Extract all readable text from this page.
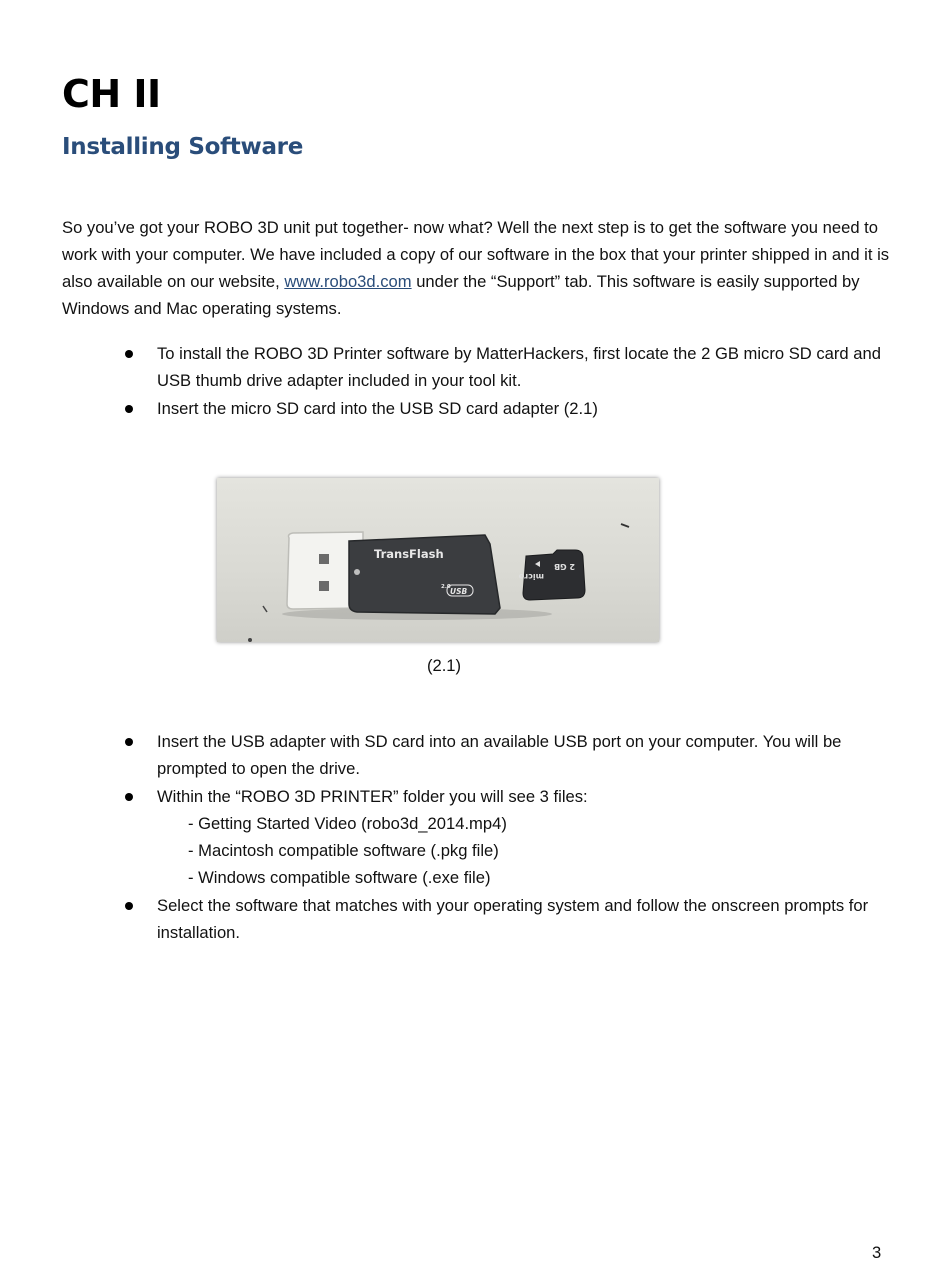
CH II
Installing Software

So you’ve got your ROBO 3D unit put together- now what? Well the next step is to get the software you need to work with your computer. We have included a copy of our software in the box that your printer shipped in and it is also available on our website, www.robo3d.com under the “Support” tab. This software is easily supported by Windows and Mac operating systems.

To install the ROBO 3D Printer software by MatterHackers, first locate the 2 GB micro SD card and USB thumb drive adapter included in your tool kit.
Insert the micro SD card into the USB SD card adapter (2.1)
TransFlash
2.0 USB
micro
2 GB
(2.1)
Insert the USB adapter with SD card into an available USB port on your computer. You will be prompted to open the drive.
Within the “ROBO 3D PRINTER” folder you will see 3 files:
- Getting Started Video (robo3d_2014.mp4)
- Macintosh compatible software (.pkg file)
- Windows compatible software (.exe file)
Select the software that matches with your operating system and follow the onscreen prompts for installation.
3
